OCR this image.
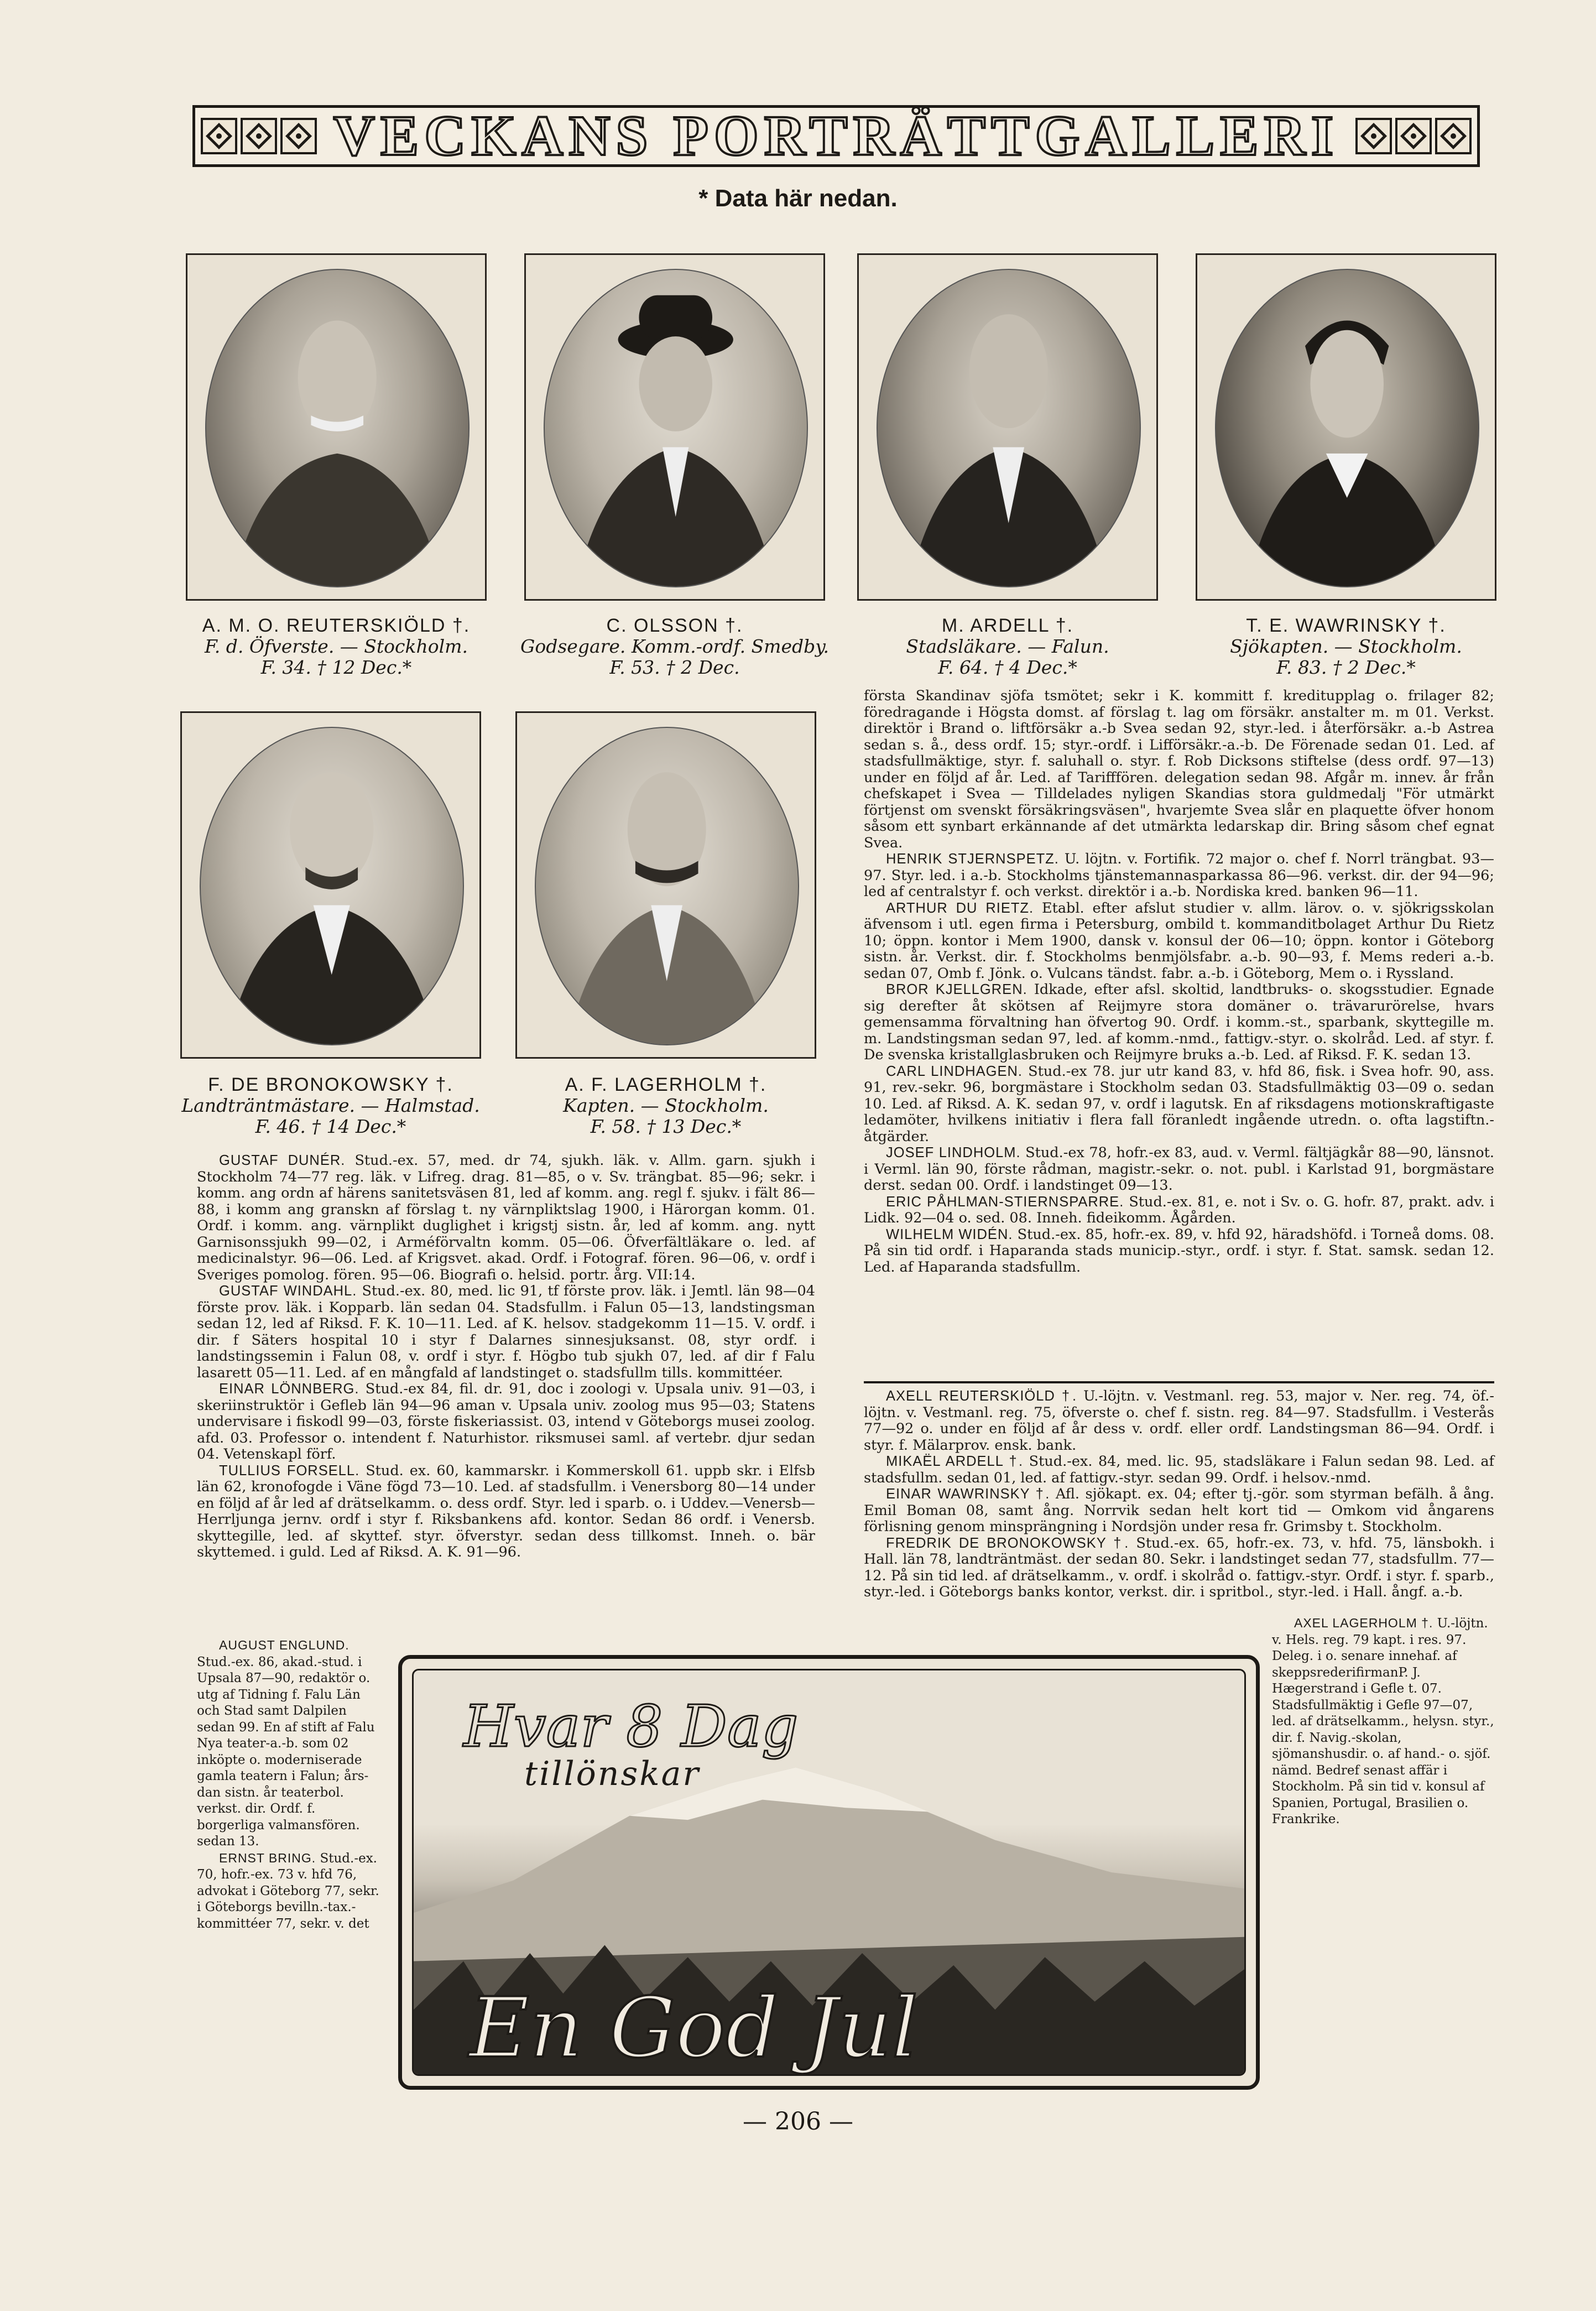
VECKANS PORTRÄTTGALLERI
* Data här nedan.
A. M. O. REUTERSKIÖLD †.
F. d. Öfverste. — Stockholm.
F. 34. † 12 Dec.*
C. OLSSON †.
Godsegare. Komm.-ordf. Smedby.
F. 53. † 2 Dec.
M. ARDELL †.
Stadsläkare. — Falun.
F. 64. † 4 Dec.*
T. E. WAWRINSKY †.
Sjökapten. — Stockholm.
F. 83. † 2 Dec.*
F. DE BRONOKOWSKY †.
Landträntmästare. — Halmstad.
F. 46. † 14 Dec.*
A. F. LAGERHOLM †.
Kapten. — Stockholm.
F. 58. † 13 Dec.*

GUSTAF DUNÉR. Stud.-ex. 57, med. dr 74, sjukh. läk. v. Allm. garn. sjukh i Stockholm 74—77 reg. läk. v Lifreg. drag. 81—85, o v. Sv. trängbat. 85—96; sekr. i komm. ang ordn af härens sanitetsväsen 81, led af komm. ang. regl f. sjukv. i fält 86—88, i komm ang granskn af förslag t. ny värnpliktslag 1900, i Härorgan komm. 01. Ordf. i komm. ang. värnplikt duglighet i krigstj sistn. år, led af komm. ang. nytt Garnisonssjukh 99—02, i Arméförvaltn komm. 05—06. Öfverfältläkare o. led. af medicinalstyr. 96—06. Led. af Krigsvet. akad. Ordf. i Fotograf. fören. 96—06, v. ordf i Sveriges pomolog. fören. 95—06. Biografi o. helsid. portr. årg. VII:14.

GUSTAF WINDAHL. Stud.-ex. 80, med. lic 91, tf förste prov. läk. i Jemtl. län 98—04 förste prov. läk. i Kopparb. län sedan 04. Stadsfullm. i Falun 05—13, landstingsman sedan 12, led af Riksd. F. K. 10—11. Led. af K. helsov. stadgekomm 11—15. V. ordf. i dir. f Säters hospital 10 i styr f Dalarnes sinnesjuksanst. 08, styr ordf. i landstingssemin i Falun 08, v. ordf i styr. f. Högbo tub sjukh 07, led. af dir f Falu lasarett 05—11. Led. af en mångfald af landstinget o. stadsfullm tills. kommittéer.

EINAR LÖNNBERG. Stud.-ex 84, fil. dr. 91, doc i zoologi v. Upsala univ. 91—03, i skeriinstruktör i Gefleb län 94—96 aman v. Upsala univ. zoolog mus 95—03; Statens undervisare i fiskodl 99—03, förste fiskeriassist. 03, intend v Göteborgs musei zoolog. afd. 03. Professor o. intendent f. Naturhistor. riksmusei saml. af vertebr. djur sedan 04. Vetenskapl förf.

TULLIUS FORSELL. Stud. ex. 60, kammarskr. i Kommerskoll 61. uppb skr. i Elfsb län 62, kronofogde i Väne fögd 73—10. Led. af stadsfullm. i Venersborg 80—14 under en följd af år led af drätselkamm. o. dess ordf. Styr. led i sparb. o. i Uddev.—Venersb—Herrljunga jernv. ordf i styr f. Riksbankens afd. kontor. Sedan 86 ordf. i Venersb. skyttegille, led. af skyttef. styr. öfverstyr. sedan dess tillkomst. Inneh. o. bär skyttemed. i guld. Led af Riksd. A. K. 91—96.

AUGUST ENGLUND. Stud.-ex. 86, akad.-stud. i Upsala 87—90, redaktör o. utg af Tidning f. Falu Län och Stad samt Dalpilen sedan 99. En af stift af Falu Nya teater-a.-b. som 02 inköpte o. moderniserade gamla teatern i Falun; års- dan sistn. år teaterbol. verkst. dir. Ordf. f. borgerliga valmansfören. sedan 13.

ERNST BRING. Stud.-ex. 70, hofr.-ex. 73 v. hfd 76, advokat i Göteborg 77, sekr. i Göteborgs bevilln.-tax.-kommittéer 77, sekr. v. det

första Skandinav sjöfa tsmötet; sekr i K. kommitt f. kreditupplag o. frilager 82; föredragande i Högsta domst. af förslag t. lag om försäkr. anstalter m. m 01. Verkst. direktör i Brand o. liftförsäkr a.-b Svea sedan 92, styr.-led. i återförsäkr. a.-b Astrea sedan s. å., dess ordf. 15; styr.-ordf. i Lifförsäkr.-a.-b. De Förenade sedan 01. Led. af stadsfullmäktige, styr. f. saluhall o. styr. f. Rob Dicksons stiftelse (dess ordf. 97—13) under en följd af år. Led. af Tarifffören. delegation sedan 98. Afgår m. innev. år från chefskapet i Svea — Tilldelades nyligen Skandias stora guldmedalj "För utmärkt förtjenst om svenskt försäkringsväsen", hvarjemte Svea slår en plaquette öfver honom såsom ett synbart erkännande af det utmärkta ledarskap dir. Bring såsom chef egnat Svea.

HENRIK STJERNSPETZ. U. löjtn. v. Fortifik. 72 major o. chef f. Norrl trängbat. 93—97. Styr. led. i a.-b. Stockholms tjänstemannasparkassa 86—96. verkst. dir. der 94—96; led af centralstyr f. och verkst. direktör i a.-b. Nordiska kred. banken 96—11.

ARTHUR DU RIETZ. Etabl. efter afslut studier v. allm. lärov. o. v. sjökrigsskolan äfvensom i utl. egen firma i Petersburg, ombild t. kommanditbolaget Arthur Du Rietz 10; öppn. kontor i Mem 1900, dansk v. konsul der 06—10; öppn. kontor i Göteborg sistn. år. Verkst. dir. f. Stockholms benmjölsfabr. a.-b. 90—93, f. Mems rederi a.-b. sedan 07, Omb f. Jönk. o. Vulcans tändst. fabr. a.-b. i Göteborg, Mem o. i Ryssland.

BROR KJELLGREN. Idkade, efter afsl. skoltid, landtbruks- o. skogsstudier. Egnade sig derefter åt skötsen af Reijmyre stora domäner o. trävarurörelse, hvars gemensamma förvaltning han öfvertog 90. Ordf. i komm.-st., sparbank, skyttegille m. m. Landstingsman sedan 97, led. af komm.-nmd., fattigv.-styr. o. skolråd. Led. af styr. f. De svenska kristallglasbruken och Reijmyre bruks a.-b. Led. af Riksd. F. K. sedan 13.

CARL LINDHAGEN. Stud.-ex 78. jur utr kand 83, v. hfd 86, fisk. i Svea hofr. 90, ass. 91, rev.-sekr. 96, borgmästare i Stockholm sedan 03. Stadsfullmäktig 03—09 o. sedan 10. Led. af Riksd. A. K. sedan 97, v. ordf i lagutsk. En af riksdagens motionskraftigaste ledamöter, hvilkens initiativ i flera fall föranledt ingående utredn. o. ofta lagstiftn.-åtgärder.

JOSEF LINDHOLM. Stud.-ex 78, hofr.-ex 83, aud. v. Verml. fältjägkår 88—90, länsnot. i Verml. län 90, förste rådman, magistr.-sekr. o. not. publ. i Karlstad 91, borgmästare derst. sedan 00. Ordf. i landstinget 09—13.

ERIC PÅHLMAN-STIERNSPARRE. Stud.-ex. 81, e. not i Sv. o. G. hofr. 87, prakt. adv. i Lidk. 92—04 o. sed. 08. Inneh. fideikomm. Ågården.

WILHELM WIDÉN. Stud.-ex. 85, hofr.-ex. 89, v. hfd 92, häradshöfd. i Torneå doms. 08. På sin tid ordf. i Haparanda stads municip.-styr., ordf. i styr. f. Stat. samsk. sedan 12. Led. af Haparanda stadsfullm.

AXELL REUTERSKIÖLD †. U.-löjtn. v. Vestmanl. reg. 53, major v. Ner. reg. 74, öf.-löjtn. v. Vestmanl. reg. 75, öfverste o. chef f. sistn. reg. 84—97. Stadsfullm. i Vesterås 77—92 o. under en följd af år dess v. ordf. eller ordf. Landstingsman 86—94. Ordf. i styr. f. Mälarprov. ensk. bank.

MIKAËL ARDELL †. Stud.-ex. 84, med. lic. 95, stadsläkare i Falun sedan 98. Led. af stadsfullm. sedan 01, led. af fattigv.-styr. sedan 99. Ordf. i helsov.-nmd.

EINAR WAWRINSKY †. Afl. sjökapt. ex. 04; efter tj.-gör. som styrman befälh. å ång. Emil Boman 08, samt ång. Norrvik sedan helt kort tid — Omkom vid ångarens förlisning genom minsprängning i Nordsjön under resa fr. Grimsby t. Stockholm.

FREDRIK DE BRONOKOWSKY †. Stud.-ex. 65, hofr.-ex. 73, v. hfd. 75, länsbokh. i Hall. län 78, landträntmäst. der sedan 80. Sekr. i landstinget sedan 77, stadsfullm. 77—12. På sin tid led. af drätselkamm., v. ordf. i skolråd o. fattigv.-styr. Ordf. i styr. f. sparb., styr.-led. i Göteborgs banks kontor, verkst. dir. i spritbol., styr.-led. i Hall. ångf. a.-b.

AXEL LAGERHOLM †. U.-löjtn. v. Hels. reg. 79 kapt. i res. 97. Deleg. i o. senare innehaf. af skeppsrederifirmanP. J. Hægerstrand i Gefle t. 07. Stadsfullmäktig i Gefle 97—07, led. af drätselkamm., helysn. styr., dir. f. Navig.-skolan, sjömanshusdir. o. af hand.- o. sjöf. nämd. Bedref senast affär i Stockholm. På sin tid v. konsul af Spanien, Portugal, Brasilien o. Frankrike.

Hvar 8 Dag
tillönskar
En God Jul
— 206 —
